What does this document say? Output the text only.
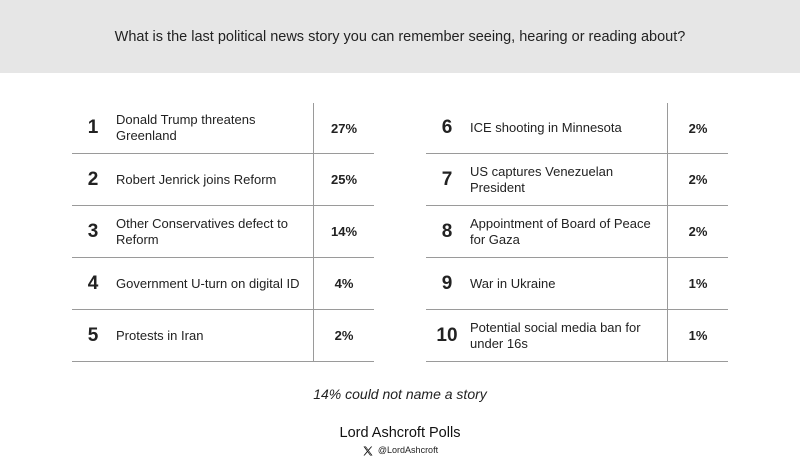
What is the last political news story you can remember seeing, hearing or reading about?
1	Donald Trump threatens Greenland	27%
2	Robert Jenrick joins Reform	25%
3	Other Conservatives defect to Reform	14%
4	Government U-turn on digital ID	4%
5	Protests in Iran	2%
6	ICE shooting in Minnesota	2%
7	US captures Venezuelan President	2%
8	Appointment of Board of Peace for Gaza	2%
9	War in Ukraine	1%
10 Potential social media ban for under 16s	1%
14% could not name a story
Lord Ashcroft Polls
@LordAshcroft
